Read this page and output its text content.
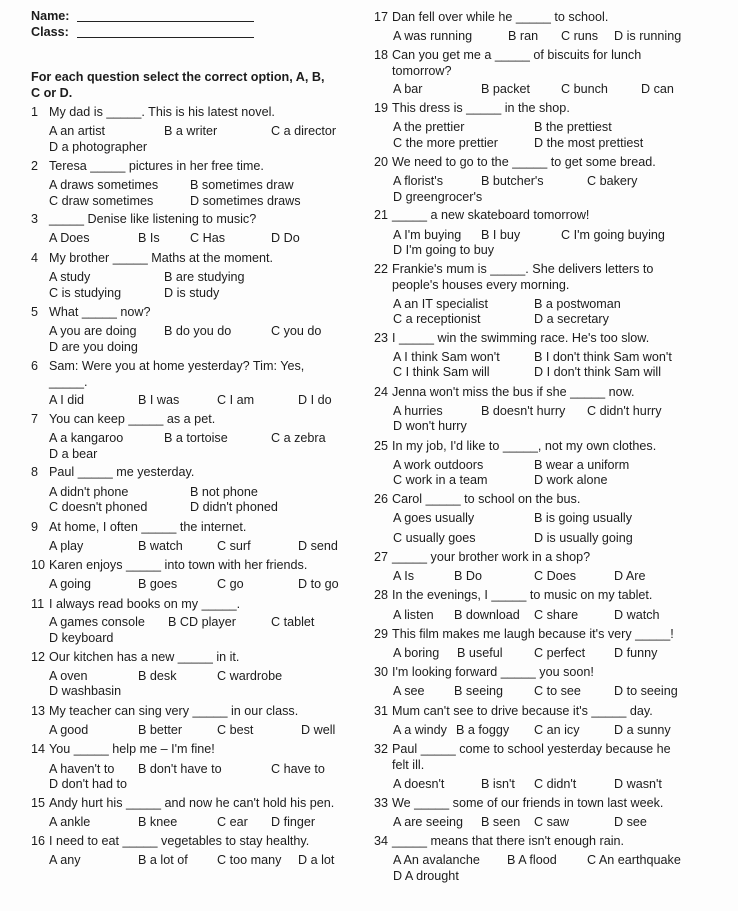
Name:
Class:
For each question select the correct option, A, B,
C or D.
1 My dad is _____. This is his latest novel.
A an artist	B a writer	C a director
D a photographer
2 Teresa _____ pictures in her free time.
A draws sometimes	B sometimes draw
C draw sometimes	D sometimes draws
3 _____ Denise like listening to music?
A Does	B Is C Has	D Do
4 My brother _____ Maths at the moment.
A study	B are studying
C is studying	D is study
5 What _____ now?
A you are doing B do you do	C you do
D are you doing
6 Sam: Were you at home yesterday? Tim: Yes,
_____.
A I did	B I was	C I am	D I do
7 You can keep _____ as a pet.
A a kangaroo	B a tortoise	C a zebra
D a bear
8 Paul _____ me yesterday.
A didn't phone	B not phone
C doesn't phoned	D didn't phoned
9 At home, I often _____ the internet.
A play	B watch	C surf	D send
10 Karen enjoys _____ into town with her friends.
A going	B goes	C go	D to go
11 I always read books on my _____.
A games console B CD player	C tablet
D keyboard
12 Our kitchen has a new _____ in it.
A oven	B desk	C wardrobe
D washbasin
13 My teacher can sing very _____ in our class.
A good	B better	C best	D well
14 You _____ help me – I'm fine!
A haven't to B don't have to	C have to
D don't had to
15 Andy hurt his _____ and now he can't hold his pen.
A ankle	B knee	C ear D finger
16 I need to eat _____ vegetables to stay healthy.
A any	B a lot of C too many D a lot
17 Dan fell over while he _____ to school.
A was running	B ran C runs D is running
18 Can you get me a _____ of biscuits for lunch
tomorrow?
A bar	B packet C bunch	D can
19 This dress is _____ in the shop.
A the prettier	B the prettiest
C the more prettier	D the most prettiest
20 We need to go to the _____ to get some bread.
A florist's	B butcher's	C bakery
D greengrocer's
21 _____ a new skateboard tomorrow!
A I'm buying B I buy	C I'm going buying
D I'm going to buy
22 Frankie's mum is _____. She delivers letters to
people's houses every morning.
A an IT specialist	B a postwoman
C a receptionist	D a secretary
23 I _____ win the swimming race. He's too slow.
A I think Sam won't	B I don't think Sam won't
C I think Sam will	D I don't think Sam will
24 Jenna won't miss the bus if she _____ now.
A hurries	B doesn't hurry C didn't hurry
D won't hurry
25 In my job, I'd like to _____, not my own clothes.
A work outdoors	B wear a uniform
C work in a team	D work alone
26 Carol _____ to school on the bus.
A goes usually	B is going usually
C usually goes	D is usually going
27 _____ your brother work in a shop?
A Is	B Do	C Does	D Are
28 In the evenings, I _____ to music on my tablet.
A listen B download C share	D watch
29 This film makes me laugh because it's very _____!
A boring B useful C perfect D funny
30 I'm looking forward _____ you soon!
A see B seeing C to see	D to seeing
31 Mum can't see to drive because it's _____ day.
A a windy B a foggy C an icy	D a sunny
32 Paul _____ come to school yesterday because he
felt ill.
A doesn't	B isn't C didn't	D wasn't
33 We _____ some of our friends in town last week.
A are seeing B seen C saw	D see
34 _____ means that there isn't enough rain.
A An avalanche B A flood C An earthquake
D A drought
